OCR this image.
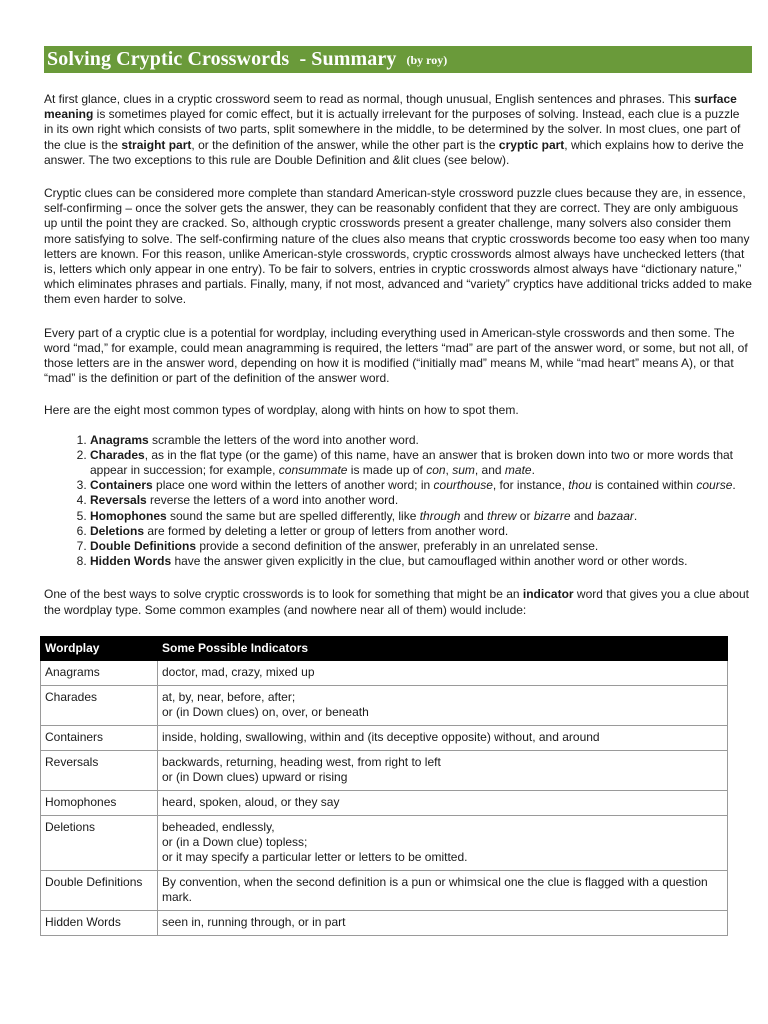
Solving Cryptic Crosswords  - Summary (by roy)

At first glance, clues in a cryptic crossword seem to read as normal, though unusual, English sentences and phrases. This surface meaning is sometimes played for comic effect, but it is actually irrelevant for the purposes of solving. Instead, each clue is a puzzle in its own right which consists of two parts, split somewhere in the middle, to be determined by the solver. In most clues, one part of the clue is the straight part, or the definition of the answer, while the other part is the cryptic part, which explains how to derive the answer. The two exceptions to this rule are Double Definition and &lit clues (see below).

Cryptic clues can be considered more complete than standard American-style crossword puzzle clues because they are, in essence, self-confirming – once the solver gets the answer, they can be reasonably confident that they are correct. They are only ambiguous up until the point they are cracked. So, although cryptic crosswords present a greater challenge, many solvers also consider them more satisfying to solve. The self-confirming nature of the clues also means that cryptic crosswords become too easy when too many letters are known. For this reason, unlike American-style crosswords, cryptic crosswords almost always have unchecked letters (that is, letters which only appear in one entry). To be fair to solvers, entries in cryptic crosswords almost always have “dictionary nature,” which eliminates phrases and partials. Finally, many, if not most, advanced and “variety” cryptics have additional tricks added to make them even harder to solve.

Every part of a cryptic clue is a potential for wordplay, including everything used in American-style crosswords and then some. The word “mad,” for example, could mean anagramming is required, the letters “mad” are part of the answer word, or some, but not all, of those letters are in the answer word, depending on how it is modified (“initially mad” means M, while “mad heart” means A), or that “mad” is the definition or part of the definition of the answer word.

Here are the eight most common types of wordplay, along with hints on how to spot them.

1. Anagrams scramble the letters of the word into another word.
2. Charades, as in the flat type (or the game) of this name, have an answer that is broken down into two or more words that appear in succession; for example, consummate is made up of con, sum, and mate.
3. Containers place one word within the letters of another word; in courthouse, for instance, thou is contained within course.
4. Reversals reverse the letters of a word into another word.
5. Homophones sound the same but are spelled differently, like through and threw or bizarre and bazaar.
6. Deletions are formed by deleting a letter or group of letters from another word.
7. Double Definitions provide a second definition of the answer, preferably in an unrelated sense.
8. Hidden Words have the answer given explicitly in the clue, but camouflaged within another word or other words.

One of the best ways to solve cryptic crosswords is to look for something that might be an indicator word that gives you a clue about the wordplay type. Some common examples (and nowhere near all of them) would include:

Wordplay	Some Possible Indicators
Anagrams	doctor, mad, crazy, mixed up

Charades	at, by, near, before, after;
or (in Down clues) on, over, or beneath

Containers	inside, holding, swallowing, within and (its deceptive opposite) without, and around

Reversals	backwards, returning, heading west, from right to left
or (in Down clues) upward or rising

Homophones	heard, spoken, aloud, or they say

Deletions	beheaded, endlessly,
or (in a Down clue) topless;
or it may specify a particular letter or letters to be omitted.

Double Definitions	By convention, when the second definition is a pun or whimsical one the clue is flagged with a question mark.

Hidden Words	seen in, running through, or in part
